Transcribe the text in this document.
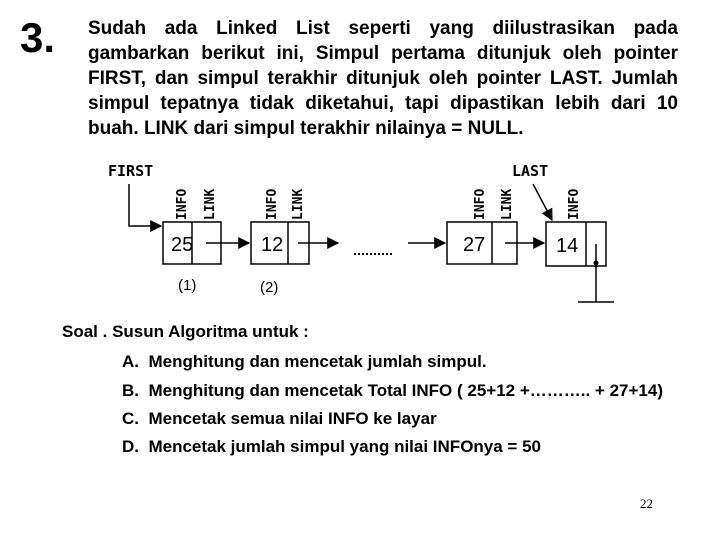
3. Sudah ada Linked List seperti yang diilustrasikan pada
gambarkan berikut ini, Simpul pertama ditunjuk oleh pointer
FIRST, dan simpul terakhir ditunjuk oleh pointer LAST. Jumlah
simpul tepatnya tidak diketahui, tapi dipastikan lebih dari 10
buah. LINK dari simpul terakhir nilainya = NULL.
FIRST	LAST
25
INFO LINK
(1)
12
INFO LINK
(2)
27
INFO LINK
14
INFO
Soal . Susun Algoritma untuk :
A. Menghitung dan mencetak jumlah simpul.
B. Menghitung dan mencetak Total INFO ( 25+12 +……….. + 27+14)
C. Mencetak semua nilai INFO ke layar
D. Mencetak jumlah simpul yang nilai INFOnya = 50
22
